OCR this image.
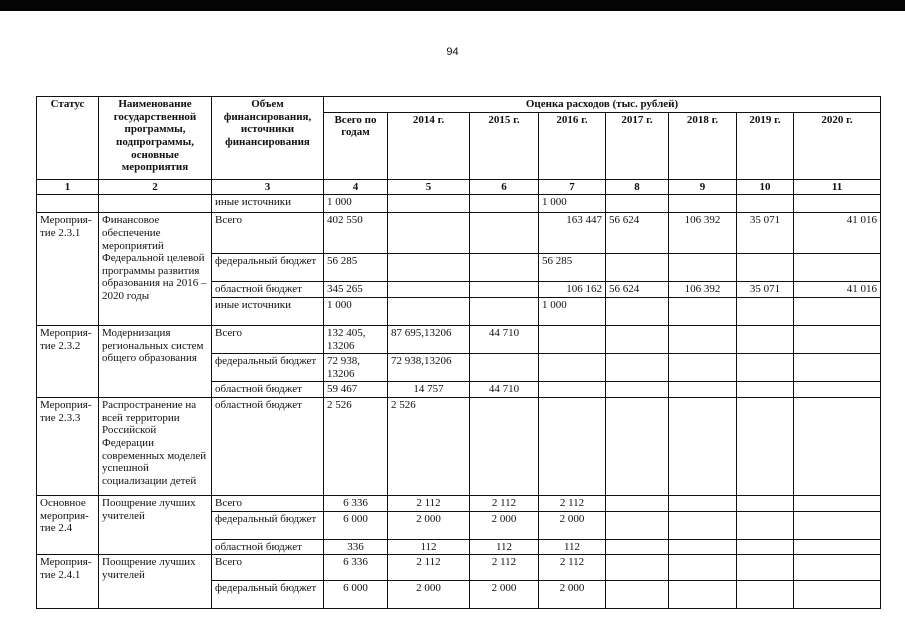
94
Статус	Наименование государственной программы, подпрограммы, основные мероприятия	Объем финансирования, источники финансирования	Оценка расходов (тыс. рублей)							
			Всего по годам	2014 г.	2015 г.	2016 г.	2017 г.	2018 г.	2019 г.	2020 г.
1	2	3	4	5	6	7	8	9	10	11
		иные источники	1 000			1 000				
Мероприя-тие 2.3.1	Финансовое обеспечение мероприятий Федеральной целевой программы развития образования на 2016 – 2020 годы	Всего	402 550			163 447	56 624	106 392	35 071	41 016
		федеральный бюджет	56 285			56 285				
		областной бюджет	345 265			106 162	56 624	106 392	35 071	41 016
		иные источники	1 000			1 000				
Мероприя-тие 2.3.2	Модернизация региональных систем общего образования	Всего	132 405, 13206	87 695,13206	44 710					
		федеральный бюджет	72 938, 13206	72 938,13206						
		областной бюджет	59 467	14 757	44 710					
Мероприя-тие 2.3.3	Распространение на всей территории Российской Федерации современных моделей успешной социализации детей	областной бюджет	2 526	2 526						
Основное мероприя-тие 2.4	Поощрение лучших учителей	Всего	6 336	2 112	2 112	2 112				
		федеральный бюджет	6 000	2 000	2 000	2 000				
		областной бюджет	336	112	112	112				
Мероприя-тие 2.4.1	Поощрение лучших учителей	Всего	6 336	2 112	2 112	2 112				
		федеральный бюджет	6 000	2 000	2 000	2 000				
